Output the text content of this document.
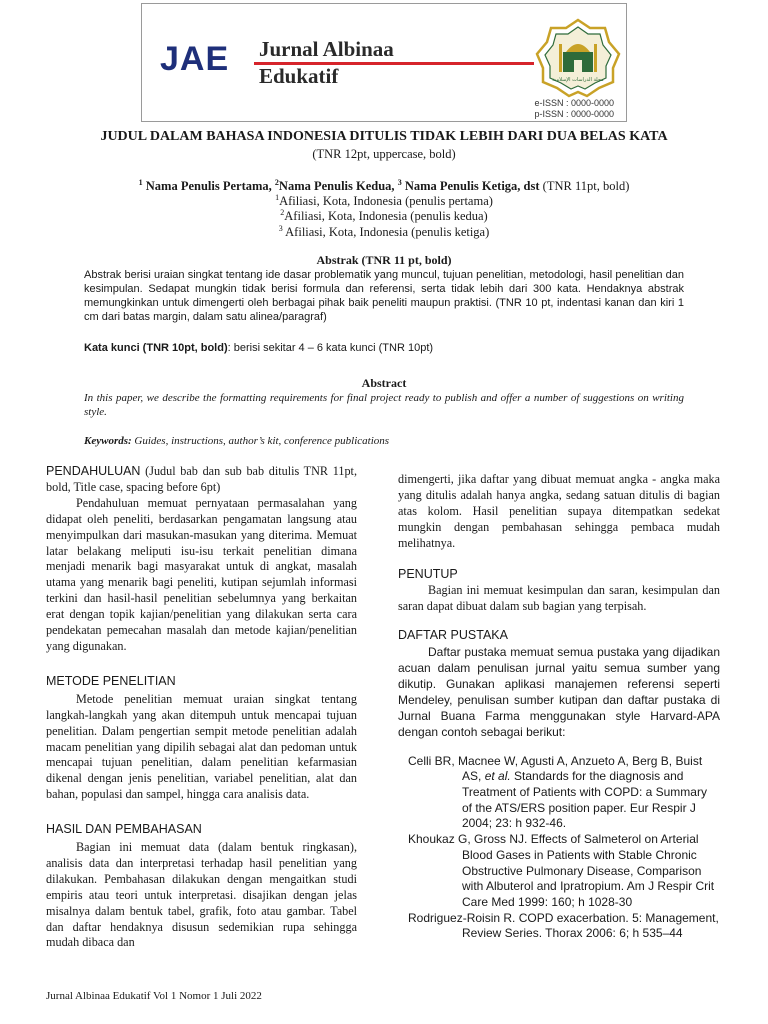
JAE Jurnal Albinaa
Edukatif	مجلة الدراسات الإسلامية
e-ISSN : 0000-0000
p-ISSN : 0000-0000
JUDUL DALAM BAHASA INDONESIA DITULIS TIDAK LEBIH DARI DUA BELAS KATA
(TNR 12pt, uppercase, bold)
$^1$ Nama Penulis Pertama, $^2$Nama Penulis Kedua, $^3$ Nama Penulis Ketiga, dst (TNR 11pt, bold)
$^1$Afiliasi, Kota, Indonesia (penulis pertama)
$^2$Afiliasi, Kota, Indonesia (penulis kedua)
$^3$ Afiliasi, Kota, Indonesia (penulis ketiga)
Abstrak (TNR 11 pt, bold)
Abstrak berisi uraian singkat tentang ide dasar problematik yang muncul, tujuan penelitian, metodologi, hasil penelitian dan kesimpulan. Sedapat mungkin tidak berisi formula dan referensi, serta tidak lebih dari 300 kata. Hendaknya abstrak memungkinkan untuk dimengerti oleh berbagai pihak baik peneliti maupun praktisi. (TNR 10 pt, indentasi kanan dan kiri 1 cm dari batas margin, dalam satu alinea/paragraf)
Kata kunci (TNR 10pt, bold): berisi sekitar 4 – 6 kata kunci (TNR 10pt)
Abstract
In this paper, we describe the formatting requirements for final project ready to publish and offer a number of suggestions on writing style.
Keywords: Guides, instructions, author’s kit, conference publications

PENDAHULUAN (Judul bab dan sub bab ditulis TNR 11pt, bold, Title case, spacing before 6pt)

Pendahuluan memuat pernyataan permasalahan yang didapat oleh peneliti, berdasarkan pengamatan langsung atau menyimpulkan dari masukan-masukan yang diterima. Memuat latar belakang meliputi isu-isu terkait penelitian dimana menjadi menarik bagi masyarakat untuk di angkat, masalah utama yang menarik bagi peneliti, kutipan sejumlah informasi terkini dan hasil-hasil penelitian sebelumnya yang berkaitan erat dengan topik kajian/penelitian yang dilakukan serta cara pendekatan pemecahan masalah dan metode kajian/penelitian yang digunakan.

METODE PENELITIAN

Metode penelitian memuat uraian singkat tentang langkah-langkah yang akan ditempuh untuk mencapai tujuan penelitian. Dalam pengertian sempit metode penelitian adalah macam penelitian yang dipilih sebagai alat dan pedoman untuk mencapai tujuan penelitian, dalam penelitian kefarmasian dikenal dengan jenis penelitian, variabel penelitian, alat dan bahan, populasi dan sampel, hingga cara analisis data.

HASIL DAN PEMBAHASAN

Bagian ini memuat data (dalam bentuk ringkasan), analisis data dan interpretasi terhadap hasil penelitian yang dilakukan. Pembahasan dilakukan dengan mengaitkan studi empiris atau teori untuk interpretasi. disajikan dengan jelas misalnya dalam bentuk tabel, grafik, foto atau gambar. Tabel dan daftar hendaknya disusun sedemikian rupa sehingga mudah dibaca dan

dimengerti, jika daftar yang dibuat memuat angka - angka maka yang ditulis adalah hanya angka, sedang satuan ditulis di bagian atas kolom. Hasil penelitian supaya ditempatkan sedekat mungkin dengan pembahasan sehingga pembaca mudah melihatnya.

PENUTUP

Bagian ini memuat kesimpulan dan saran, kesimpulan dan saran dapat dibuat dalam sub bagian yang terpisah.

DAFTAR PUSTAKA

Daftar pustaka memuat semua pustaka yang dijadikan acuan dalam penulisan jurnal yaitu semua sumber yang dikutip. Gunakan aplikasi manajemen referensi seperti Mendeley, penulisan sumber kutipan dan daftar pustaka di Jurnal Buana Farma menggunakan style Harvard-APA dengan contoh sebagai berikut:

Celli BR, Macnee W, Agusti A, Anzueto A, Berg B, Buist AS, et al. Standards for the diagnosis and Treatment of Patients with COPD: a Summary of the ATS/ERS position paper. Eur Respir J 2004; 23: h 932-46.

Khoukaz G, Gross NJ. Effects of Salmeterol on Arterial Blood Gases in Patients with Stable Chronic Obstructive Pulmonary Disease, Comparison with Albuterol and Ipratropium. Am J Respir Crit Care Med 1999: 160; h 1028-30

Rodriguez-Roisin R. COPD exacerbation. 5: Management, Review Series. Thorax 2006: 6; h 535–44

Jurnal Albinaa Edukatif Vol 1 Nomor 1 Juli 2022
